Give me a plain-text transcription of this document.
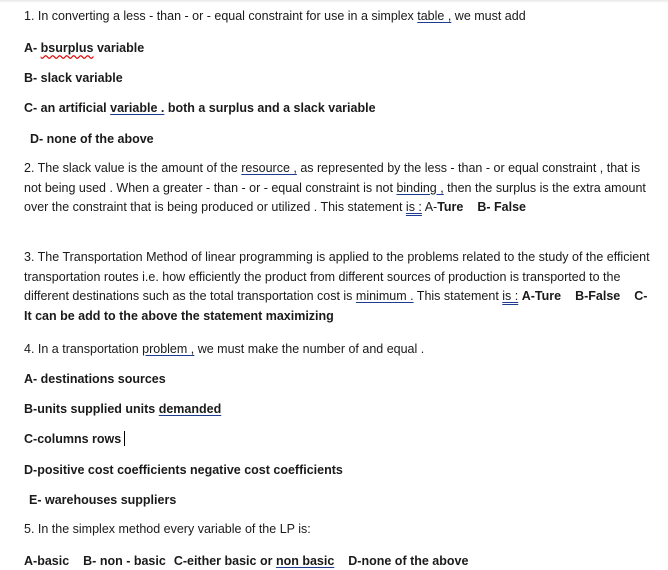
1. In converting a less - than - or - equal constraint for use in a simplex table , we must add
A- bsurplus variable
B- slack variable
C- an artificial variable . both a surplus and a slack variable
D- none of the above
2. The slack value is the amount of the resource , as represented by the less - than - or equal constraint , that is not being used . When a greater - than - or - equal constraint is not binding , then the surplus is the extra amount over the constraint that is being produced or utilized . This statement is : A-Ture B- False
3. The Transportation Method of linear programming is applied to the problems related to the study of the efficient transportation routes i.e. how efficiently the product from different sources of production is transported to the different destinations such as the total transportation cost is minimum . This statement is : A-Ture B-False C-It can be add to the above the statement maximizing
4. In a transportation problem , we must make the number of and equal .
A- destinations sources
B-units supplied units demanded
C-columns rows
D-positive cost coefficients negative cost coefficients
E- warehouses suppliers
5. In the simplex method every variable of the LP is:
A-basic B- non - basic C-either basic or non basic D-none of the above
